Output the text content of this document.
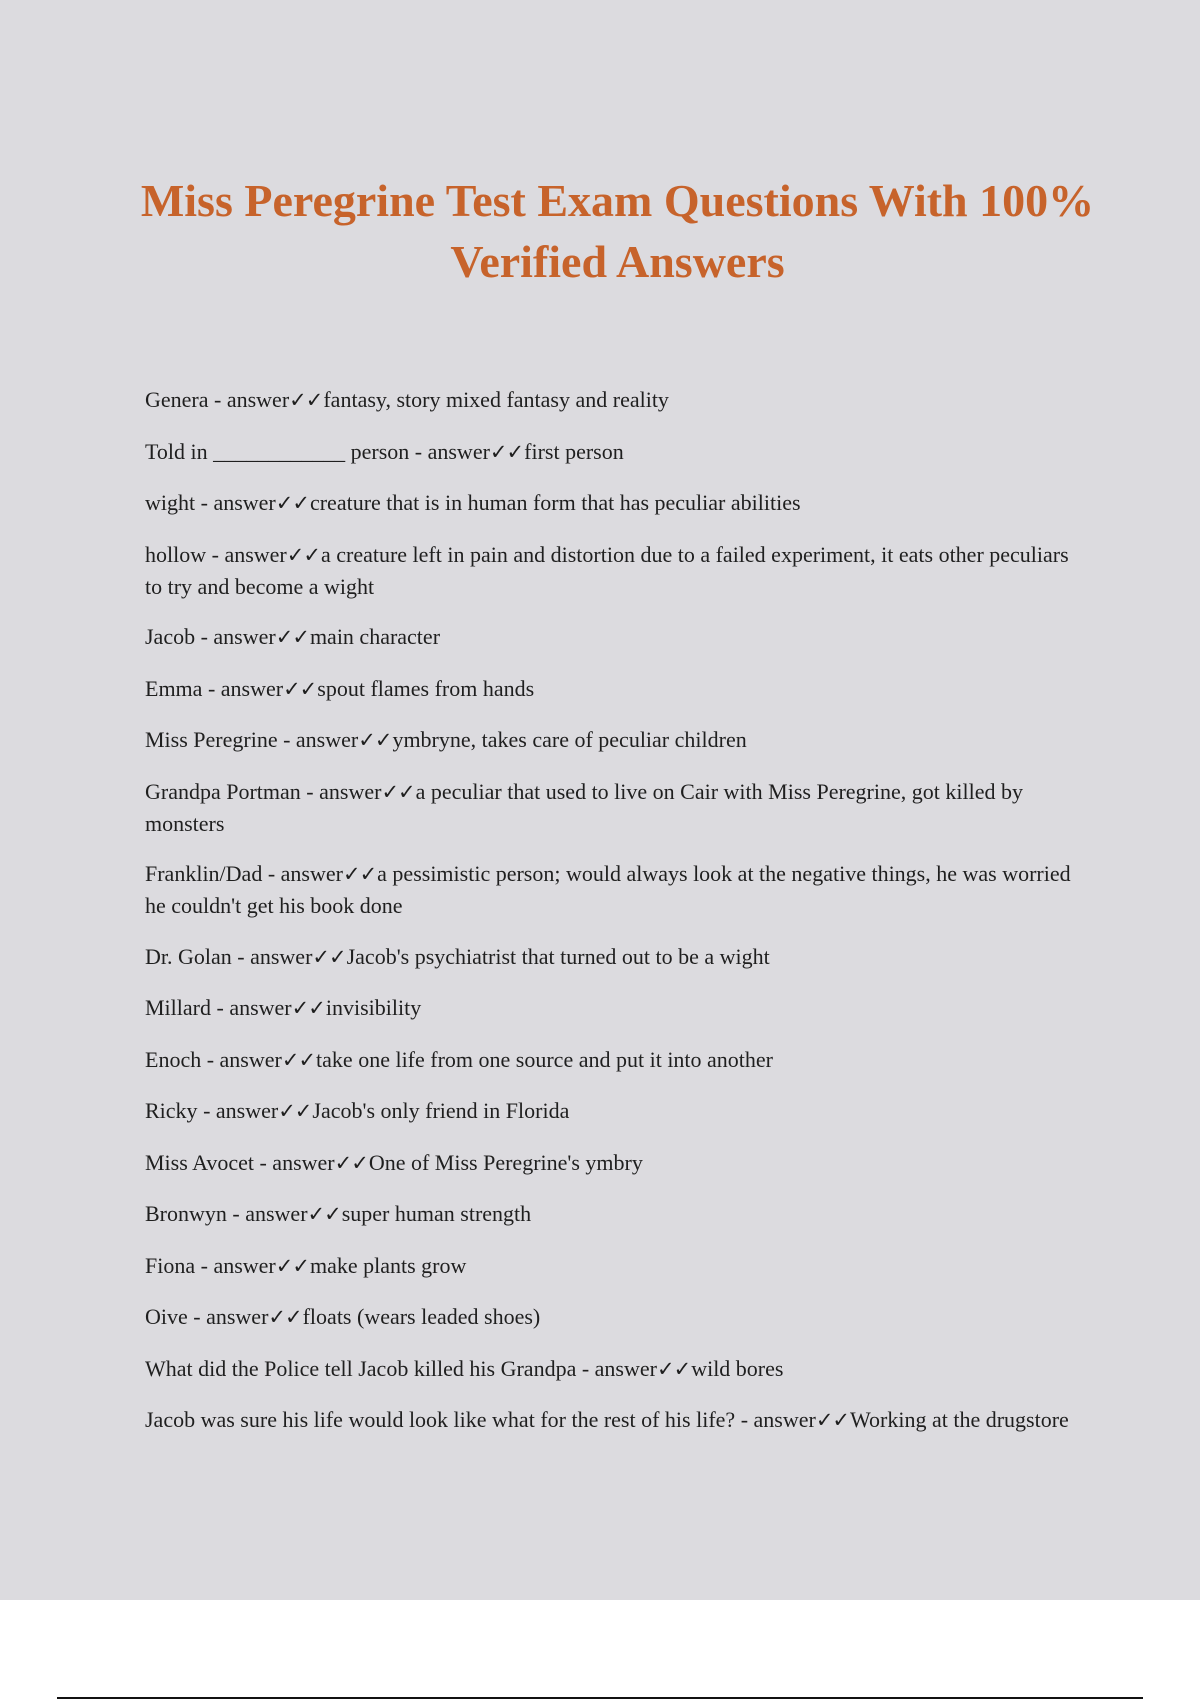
Miss Peregrine Test Exam Questions With 100% Verified Answers
Genera - answer✓✓fantasy, story mixed fantasy and reality
Told in ____________ person - answer✓✓first person
wight - answer✓✓creature that is in human form that has peculiar abilities
hollow - answer✓✓a creature left in pain and distortion due to a failed experiment, it eats other peculiars to try and become a wight
Jacob - answer✓✓main character
Emma - answer✓✓spout flames from hands
Miss Peregrine - answer✓✓ymbryne, takes care of peculiar children
Grandpa Portman - answer✓✓a peculiar that used to live on Cair with Miss Peregrine, got killed by monsters
Franklin/Dad - answer✓✓a pessimistic person; would always look at the negative things, he was worried he couldn't get his book done
Dr. Golan - answer✓✓Jacob's psychiatrist that turned out to be a wight
Millard - answer✓✓invisibility
Enoch - answer✓✓take one life from one source and put it into another
Ricky - answer✓✓Jacob's only friend in Florida
Miss Avocet - answer✓✓One of Miss Peregrine's ymbry
Bronwyn - answer✓✓super human strength
Fiona - answer✓✓make plants grow
Oive - answer✓✓floats (wears leaded shoes)
What did the Police tell Jacob killed his Grandpa - answer✓✓wild bores
Jacob was sure his life would look like what for the rest of his life? - answer✓✓Working at the drugstore
